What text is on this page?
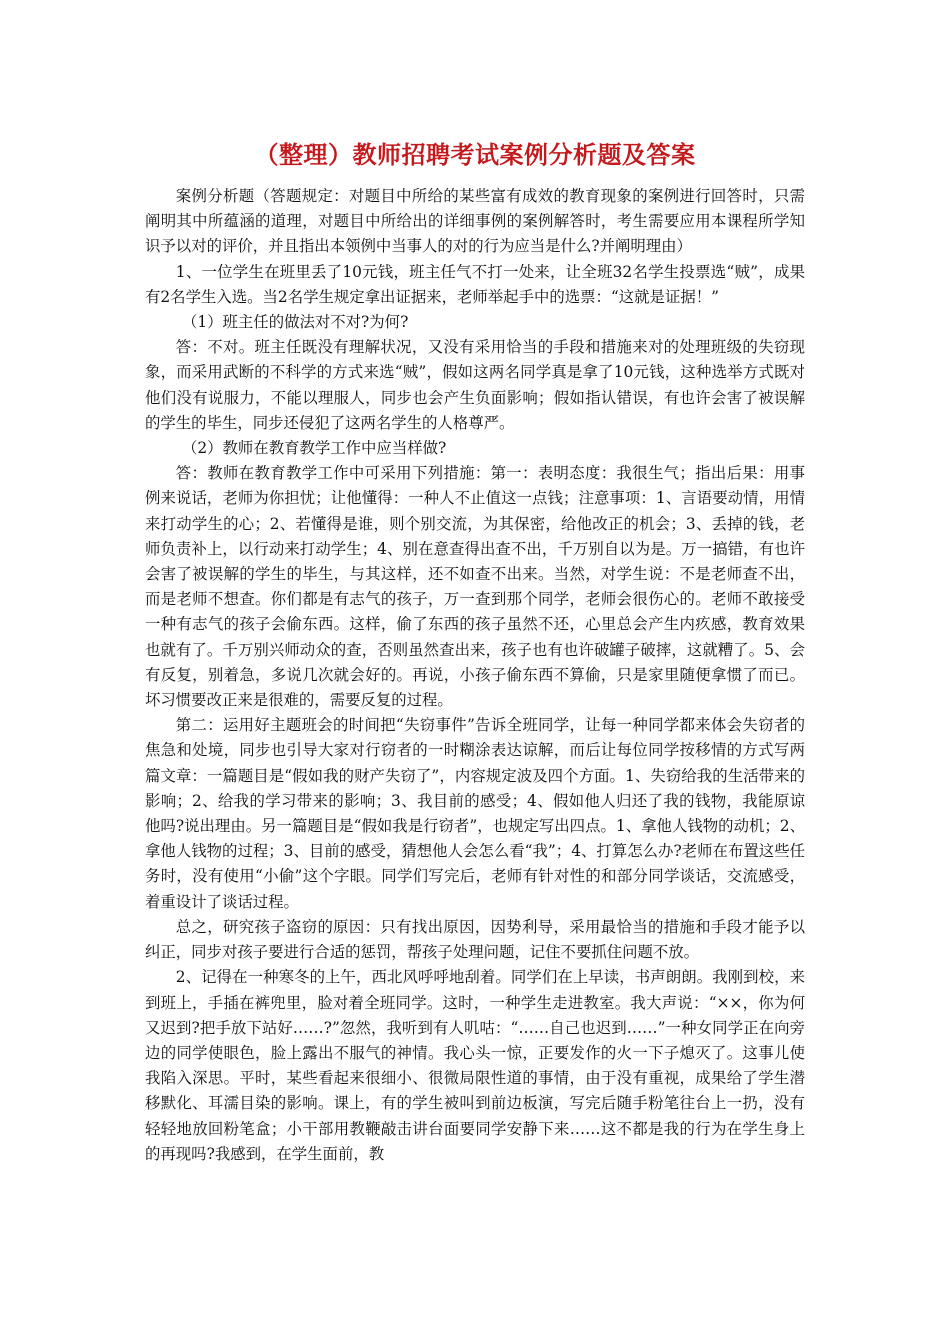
（整理）教师招聘考试案例分析题及答案

案例分析题（答题规定：对题目中所给的某些富有成效的教育现象的案例进行回答时，只需阐明其中所蕴涵的道理，对题目中所给出的详细事例的案例解答时，考生需要应用本课程所学知识予以对的评价，并且指出本领例中当事人的对的行为应当是什么?并阐明理由）

1、一位学生在班里丢了10元钱，班主任气不打一处来，让全班32名学生投票选“贼”，成果有2名学生入选。当2名学生规定拿出证据来，老师举起手中的选票：“这就是证据！”

（1）班主任的做法对不对?为何?

答：不对。班主任既没有理解状况，又没有采用恰当的手段和措施来对的处理班级的失窃现象，而采用武断的不科学的方式来选“贼”，假如这两名同学真是拿了10元钱，这种选举方式既对他们没有说服力，不能以理服人，同步也会产生负面影响；假如指认错误，有也许会害了被误解的学生的毕生，同步还侵犯了这两名学生的人格尊严。

（2）教师在教育教学工作中应当样做?

答：教师在教育教学工作中可采用下列措施：第一：表明态度：我很生气；指出后果：用事例来说话，老师为你担忧；让他懂得：一种人不止值这一点钱；注意事项：1、言语要动情，用情来打动学生的心；2、若懂得是谁，则个别交流，为其保密，给他改正的机会；3、丢掉的钱，老师负责补上，以行动来打动学生；4、别在意查得出查不出，千万别自以为是。万一搞错，有也许会害了被误解的学生的毕生，与其这样，还不如查不出来。当然，对学生说：不是老师查不出，而是老师不想查。你们都是有志气的孩子，万一查到那个同学，老师会很伤心的。老师不敢接受一种有志气的孩子会偷东西。这样，偷了东西的孩子虽然不还，心里总会产生内疚感，教育效果也就有了。千万别兴师动众的查，否则虽然查出来，孩子也有也许破罐子破摔，这就糟了。5、会有反复，别着急，多说几次就会好的。再说，小孩子偷东西不算偷，只是家里随便拿惯了而已。坏习惯要改正来是很难的，需要反复的过程。

第二：运用好主题班会的时间把“失窃事件”告诉全班同学，让每一种同学都来体会失窃者的焦急和处境，同步也引导大家对行窃者的一时糊涂表达谅解，而后让每位同学按移情的方式写两篇文章：一篇题目是“假如我的财产失窃了”，内容规定波及四个方面。1、失窃给我的生活带来的影响；2、给我的学习带来的影响；3、我目前的感受；4、假如他人归还了我的钱物，我能原谅他吗?说出理由。另一篇题目是“假如我是行窃者”，也规定写出四点。1、拿他人钱物的动机；2、拿他人钱物的过程；3、目前的感受，猜想他人会怎么看“我”；4、打算怎么办?老师在布置这些任务时，没有使用“小偷”这个字眼。同学们写完后，老师有针对性的和部分同学谈话，交流感受，着重设计了谈话过程。

总之，研究孩子盗窃的原因：只有找出原因，因势利导，采用最恰当的措施和手段才能予以纠正，同步对孩子要进行合适的惩罚，帮孩子处理问题，记住不要抓住问题不放。

2、记得在一种寒冬的上午，西北风呼呼地刮着。同学们在上早读，书声朗朗。我刚到校，来到班上，手插在裤兜里，脸对着全班同学。这时，一种学生走进教室。我大声说：“××，你为何又迟到?把手放下站好……?”忽然，我听到有人叽咕：“……自己也迟到……”一种女同学正在向旁边的同学使眼色，脸上露出不服气的神情。我心头一惊，正要发作的火一下子熄灭了。这事儿使我陷入深思。平时，某些看起来很细小、很微局限性道的事情，由于没有重视，成果给了学生潜移默化、耳濡目染的影响。课上，有的学生被叫到前边板演，写完后随手粉笔往台上一扔，没有轻轻地放回粉笔盒；小干部用教鞭敲击讲台面要同学安静下来……这不都是我的行为在学生身上的再现吗?我感到，在学生面前，教
